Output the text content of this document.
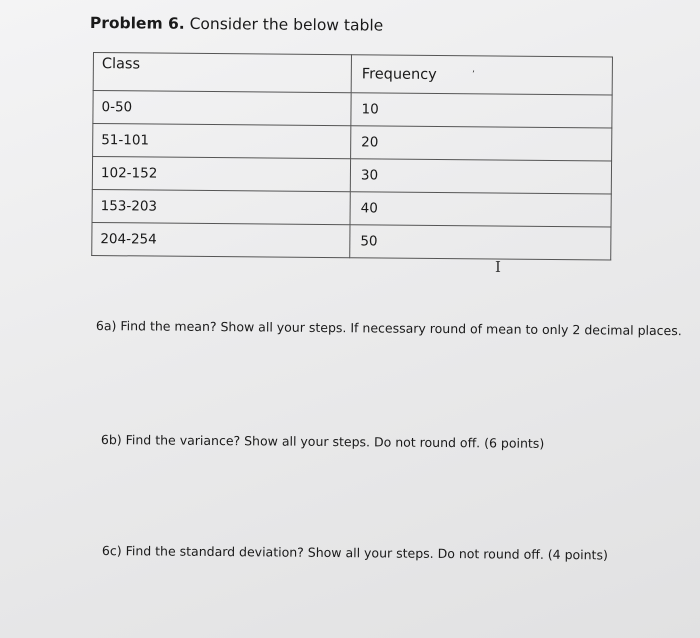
Problem 6. Consider the below table
Class	Frequency
0-50	10
51-101	20
102-152	30
153-203	40
204-254	50
’
I
6a) Find the mean? Show all your steps. If necessary round of mean to only 2 decimal places.
6b) Find the variance? Show all your steps. Do not round off. (6 points)
6c) Find the standard deviation? Show all your steps. Do not round off. (4 points)
